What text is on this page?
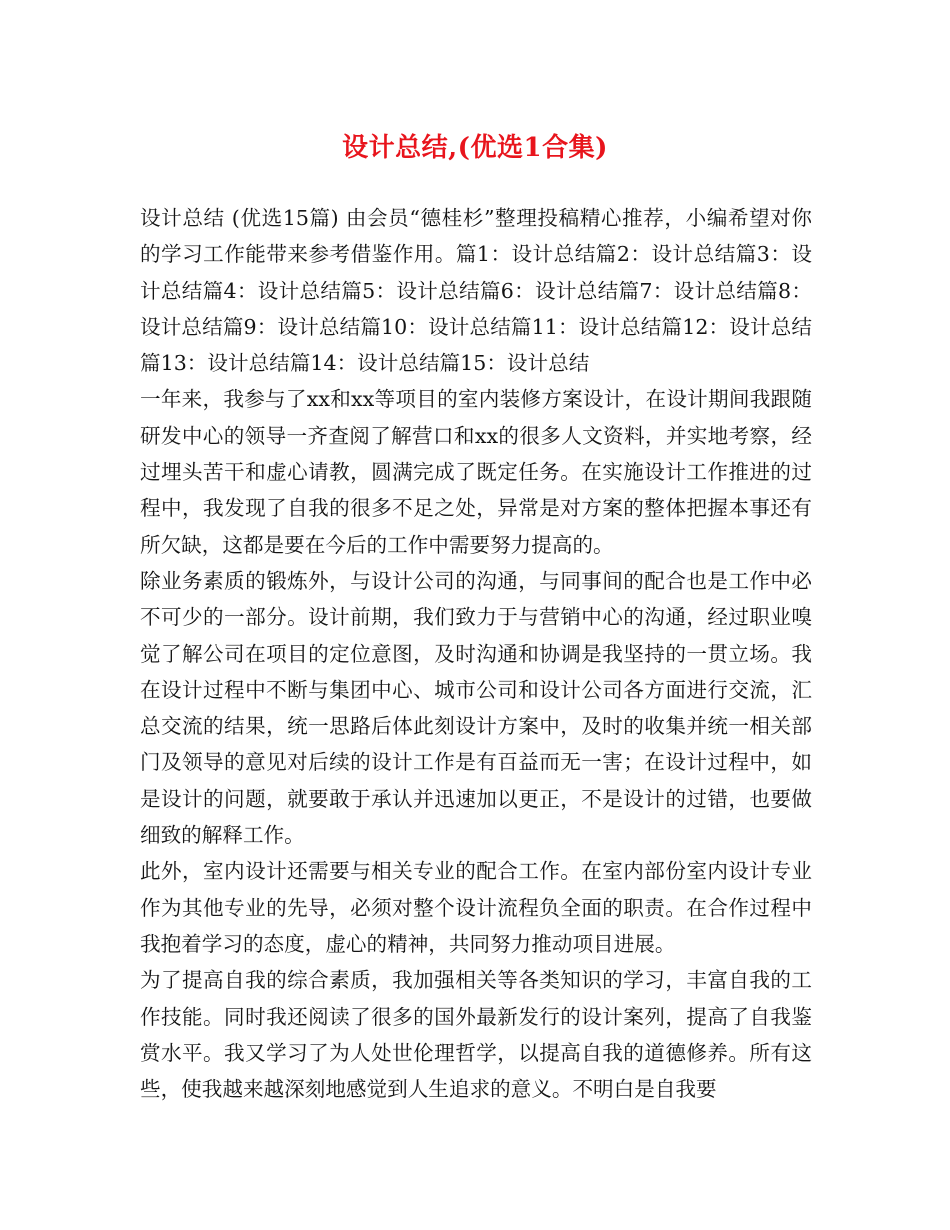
设计总结,(优选1合集)

设计总结 (优选15篇) 由会员“德桂杉”整理投稿精心推荐，小编希望对你的学习工作能带来参考借鉴作用。篇1：设计总结篇2：设计总结篇3：设计总结篇4：设计总结篇5：设计总结篇6：设计总结篇7：设计总结篇8：设计总结篇9：设计总结篇10：设计总结篇11：设计总结篇12：设计总结篇13：设计总结篇14：设计总结篇15：设计总结

一年来，我参与了xx和xx等项目的室内装修方案设计，在设计期间我跟随研发中心的领导一齐查阅了解营口和xx的很多人文资料，并实地考察，经过埋头苦干和虚心请教，圆满完成了既定任务。在实施设计工作推进的过程中，我发现了自我的很多不足之处，异常是对方案的整体把握本事还有所欠缺，这都是要在今后的工作中需要努力提高的。

除业务素质的锻炼外，与设计公司的沟通，与同事间的配合也是工作中必不可少的一部分。设计前期，我们致力于与营销中心的沟通，经过职业嗅觉了解公司在项目的定位意图，及时沟通和协调是我坚持的一贯立场。我在设计过程中不断与集团中心、城市公司和设计公司各方面进行交流，汇总交流的结果，统一思路后体此刻设计方案中，及时的收集并统一相关部门及领导的意见对后续的设计工作是有百益而无一害；在设计过程中，如是设计的问题，就要敢于承认并迅速加以更正，不是设计的过错，也要做细致的解释工作。

此外，室内设计还需要与相关专业的配合工作。在室内部份室内设计专业作为其他专业的先导，必须对整个设计流程负全面的职责。在合作过程中我抱着学习的态度，虚心的精神，共同努力推动项目进展。

为了提高自我的综合素质，我加强相关等各类知识的学习，丰富自我的工作技能。同时我还阅读了很多的国外最新发行的设计案列，提高了自我鉴赏水平。我又学习了为人处世伦理哲学，以提高自我的道德修养。所有这些，使我越来越深刻地感觉到人生追求的意义。不明白是自我要
